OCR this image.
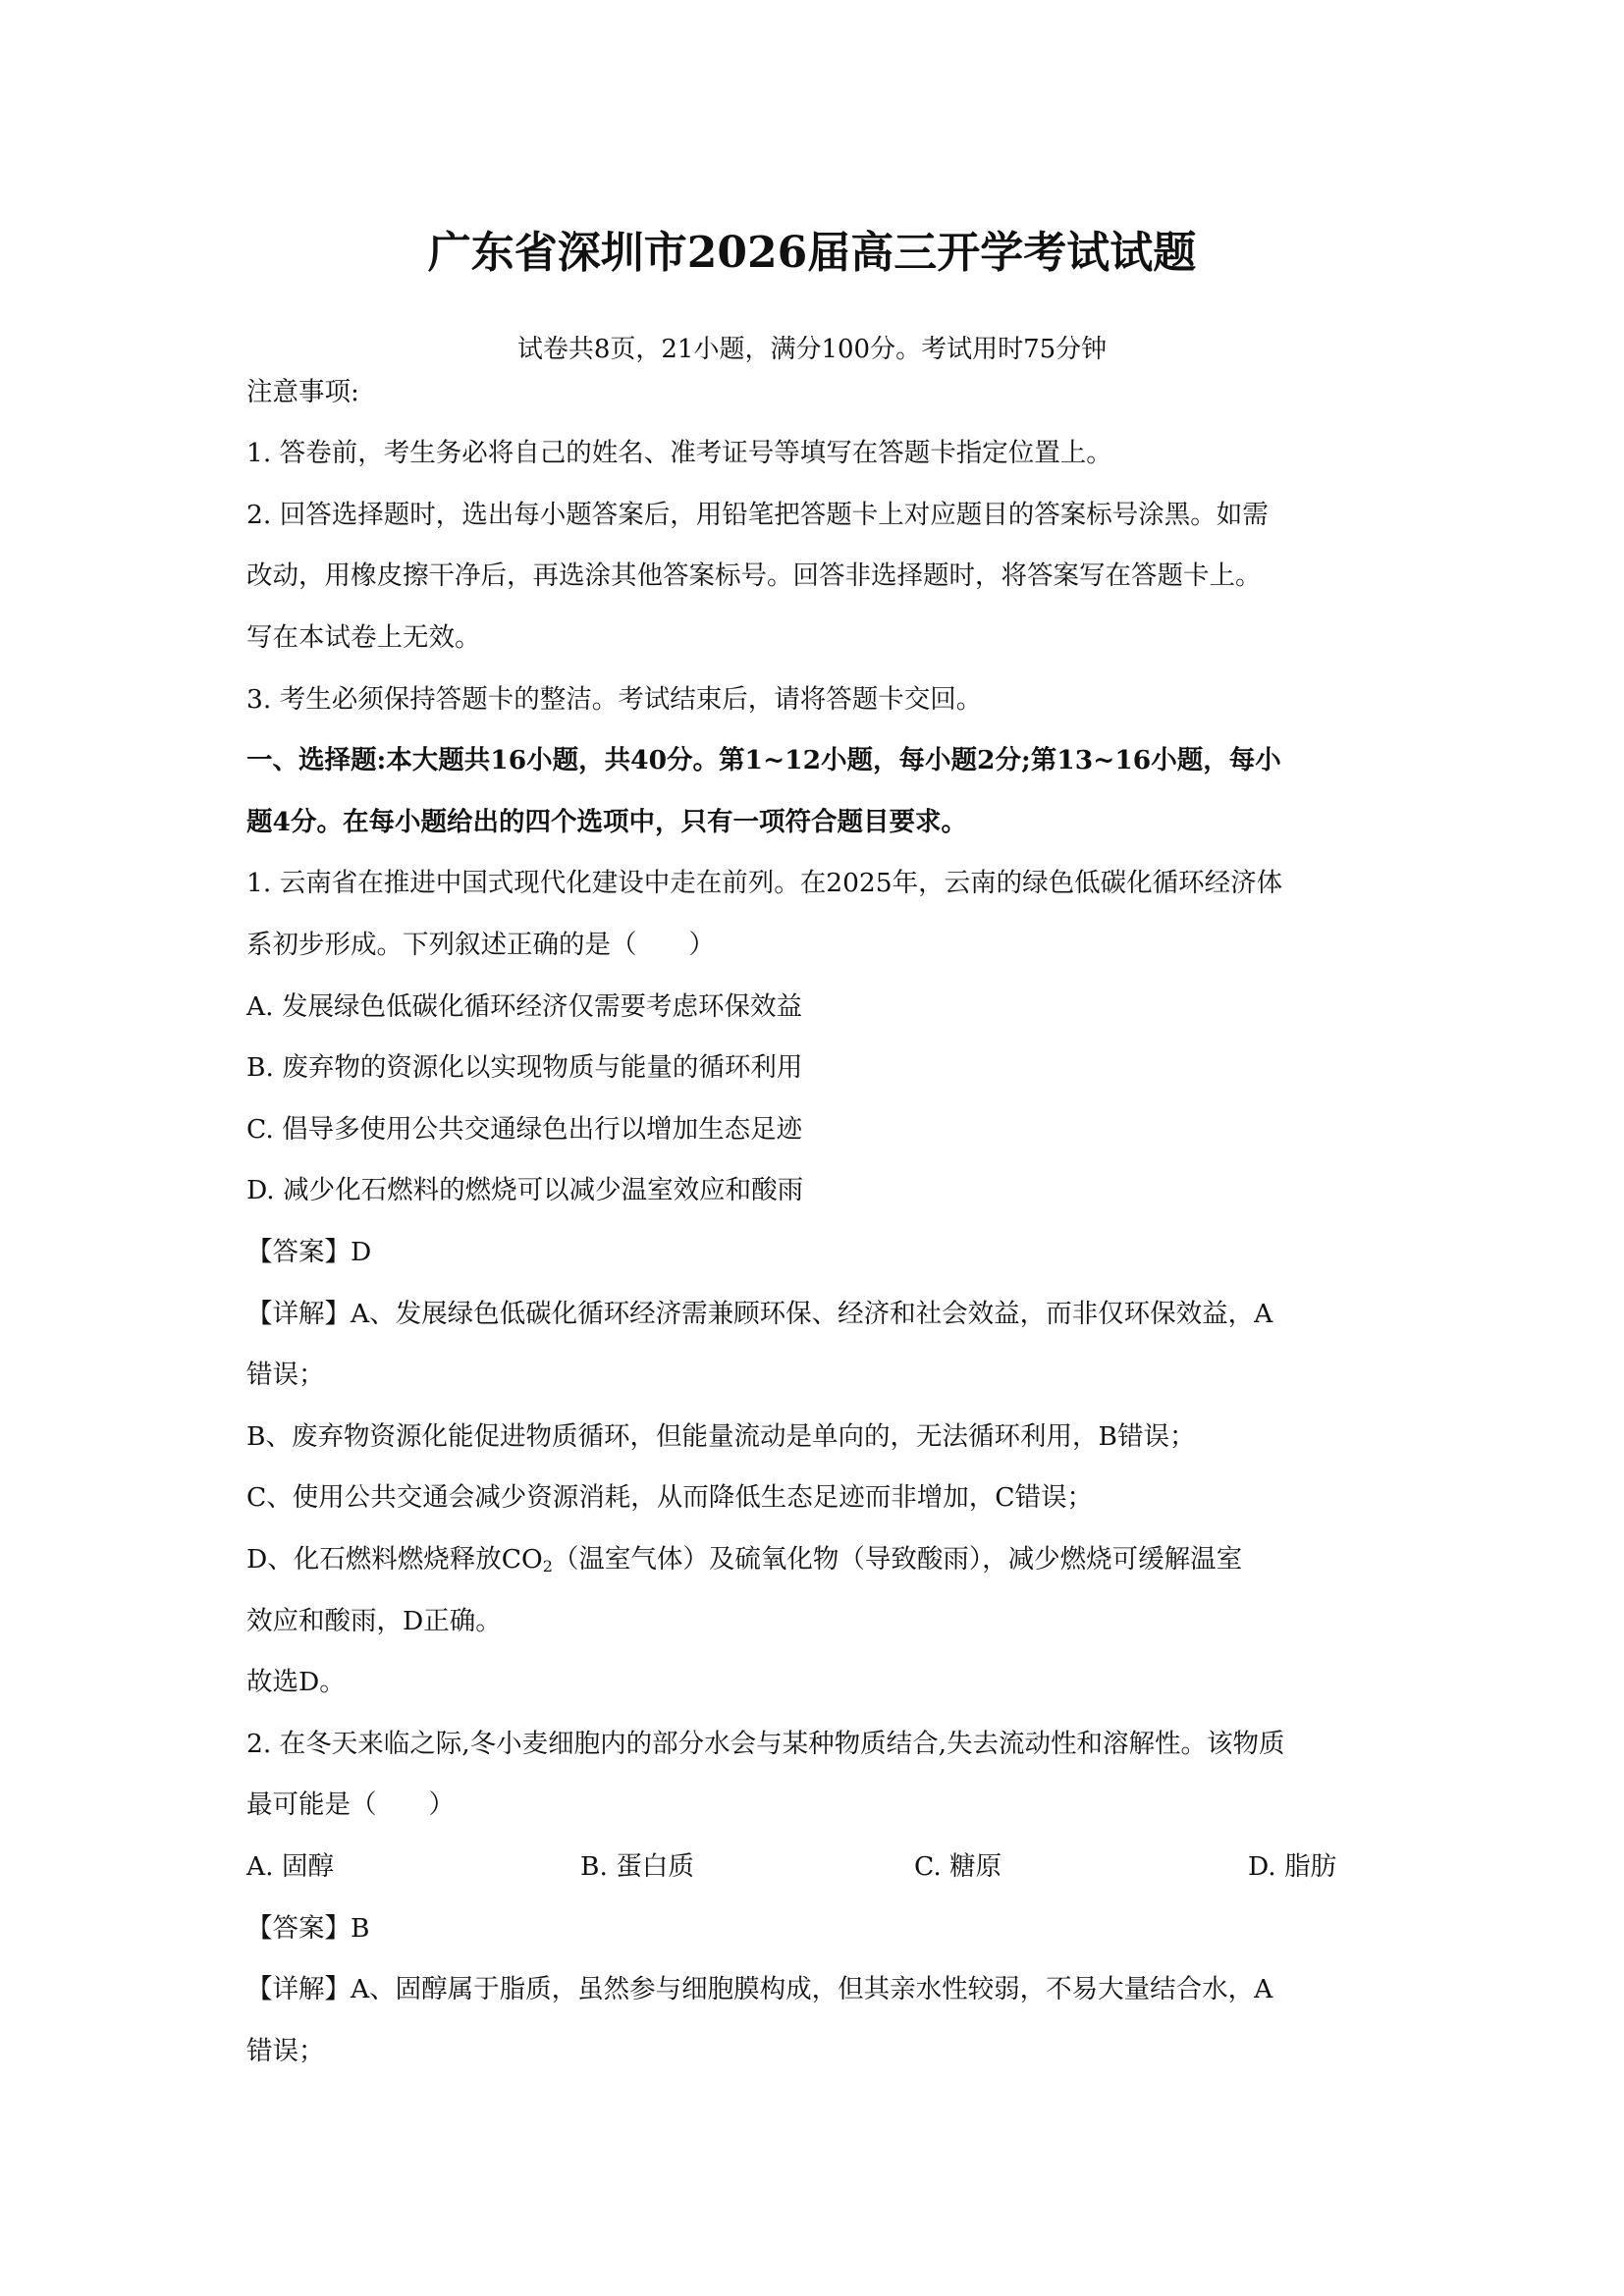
广东省深圳市2026届高三开学考试试题
试卷共8页，21小题，满分100分。考试用时75分钟
注意事项:
1. 答卷前，考生务必将自己的姓名、准考证号等填写在答题卡指定位置上。
2. 回答选择题时，选出每小题答案后，用铅笔把答题卡上对应题目的答案标号涂黑。如需
改动，用橡皮擦干净后，再选涂其他答案标号。回答非选择题时，将答案写在答题卡上。
写在本试卷上无效。
3. 考生必须保持答题卡的整洁。考试结束后，请将答题卡交回。
一、选择题:本大题共16小题，共40分。第1~12小题，每小题2分;第13~16小题，每小
题4分。在每小题给出的四个选项中，只有一项符合题目要求。
1. 云南省在推进中国式现代化建设中走在前列。在2025年，云南的绿色低碳化循环经济体
系初步形成。下列叙述正确的是（　　）
A. 发展绿色低碳化循环经济仅需要考虑环保效益
B. 废弃物的资源化以实现物质与能量的循环利用
C. 倡导多使用公共交通绿色出行以增加生态足迹
D. 减少化石燃料的燃烧可以减少温室效应和酸雨
【答案】D
【详解】A、发展绿色低碳化循环经济需兼顾环保、经济和社会效益，而非仅环保效益，A
错误；
B、废弃物资源化能促进物质循环，但能量流动是单向的，无法循环利用，B错误；
C、使用公共交通会减少资源消耗，从而降低生态足迹而非增加，C错误；
D、化石燃料燃烧释放$CO_2$（温室气体）及硫氧化物（导致酸雨），减少燃烧可缓解温室
效应和酸雨，D正确。
故选D。
2. 在冬天来临之际,冬小麦细胞内的部分水会与某种物质结合,失去流动性和溶解性。该物质
最可能是（　　）
A. 固醇	B. 蛋白质	C. 糖原	D. 脂肪
【答案】B
【详解】A、固醇属于脂质，虽然参与细胞膜构成，但其亲水性较弱，不易大量结合水，A
错误；
